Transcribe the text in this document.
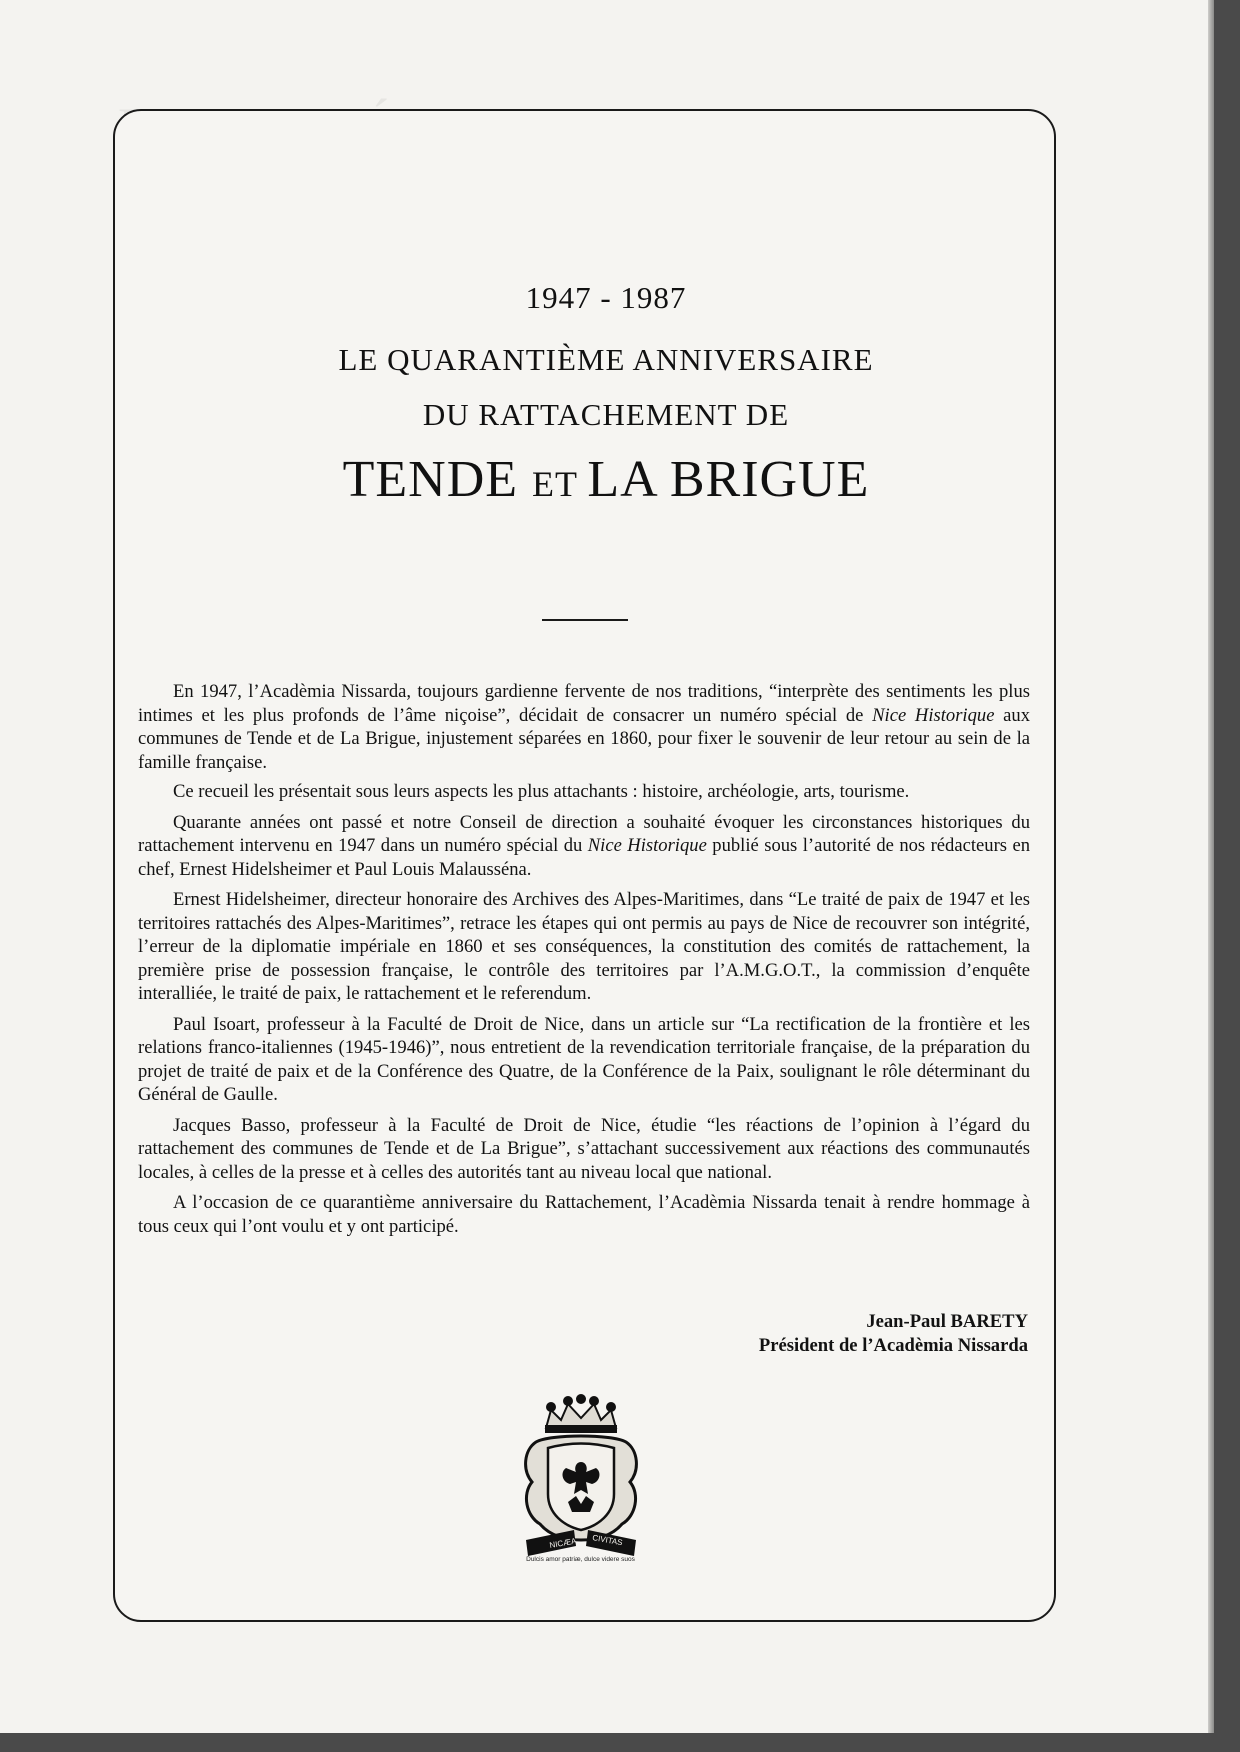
1947 - 1987
LE QUARANTIÈME ANNIVERSAIRE
DU RATTACHEMENT DE
TENDE ET LA BRIGUE

En 1947, l’Acadèmia Nissarda, toujours gardienne fervente de nos traditions, “interprète des sentiments les plus intimes et les plus profonds de l’âme niçoise”, décidait de consacrer un numéro spécial de Nice Historique aux communes de Tende et de La Brigue, injustement séparées en 1860, pour fixer le souvenir de leur retour au sein de la famille française.

Ce recueil les présentait sous leurs aspects les plus attachants : histoire, archéologie, arts, tourisme.

Quarante années ont passé et notre Conseil de direction a souhaité évoquer les circonstances historiques du rattachement intervenu en 1947 dans un numéro spécial du Nice Historique publié sous l’autorité de nos rédacteurs en chef, Ernest Hidelsheimer et Paul Louis Malausséna.

Ernest Hidelsheimer, directeur honoraire des Archives des Alpes-Maritimes, dans “Le traité de paix de 1947 et les territoires rattachés des Alpes-Maritimes”, retrace les étapes qui ont permis au pays de Nice de recouvrer son intégrité, l’erreur de la diplomatie impériale en 1860 et ses conséquences, la constitution des comités de rattachement, la première prise de possession française, le contrôle des territoires par l’A.M.G.O.T., la commission d’enquête interalliée, le traité de paix, le rattachement et le referendum.

Paul Isoart, professeur à la Faculté de Droit de Nice, dans un article sur “La rectification de la frontière et les relations franco-italiennes (1945-1946)”, nous entretient de la revendication territoriale française, de la préparation du projet de traité de paix et de la Conférence des Quatre, de la Conférence de la Paix, soulignant le rôle déterminant du Général de Gaulle.

Jacques Basso, professeur à la Faculté de Droit de Nice, étudie “les réactions de l’opinion à l’égard du rattachement des communes de Tende et de La Brigue”, s’attachant successivement aux réactions des communautés locales, à celles de la presse et à celles des autorités tant au niveau local que national.

A l’occasion de ce quarantième anniversaire du Rattachement, l’Acadèmia Nissarda tenait à rendre hommage à tous ceux qui l’ont voulu et y ont participé.

Jean-Paul BARETY
Président de l’Acadèmia Nissarda
NICÆA CIVITAS
Dulcis amor patriæ, dulce videre suos
